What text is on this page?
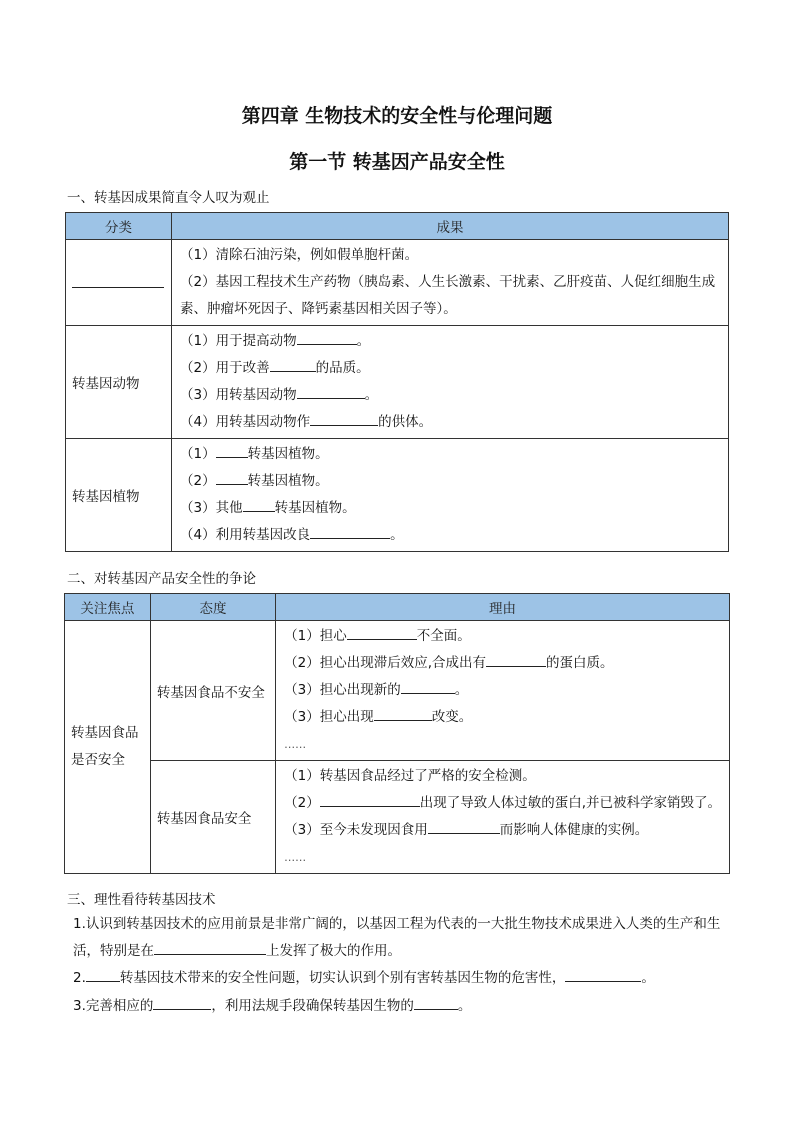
第四章 生物技术的安全性与伦理问题
第一节 转基因产品安全性
一、转基因成果简直令人叹为观止
分类	成果

	（1）清除石油污染，例如假单胞杆菌。
（2）基因工程技术生产药物（胰岛素、人生长激素、干扰素、乙肝疫苗、人促红细胞生成素、肿瘤坏死因子、降钙素基因相关因子等）。

转基因动物	（1）用于提高动物 。
（2）用于改善 的品质。
（3）用转基因动物 。
（4）用转基因动物作 的供体。

转基因植物	（1） 转基因植物。
（2） 转基因植物。
（3）其他 转基因植物。
（4）利用转基因改良 。
二、对转基因产品安全性的争论
关注焦点	态度	理由
转基因食品是否安全	转基因食品不安全	（1）担心 不全面。
（2）担心出现滞后效应,合成出有 的蛋白质。
（3）担心出现新的 。
（3）担心出现 改变。
……

	转基因食品安全	（1）转基因食品经过了严格的安全检测。
（2） 出现了导致人体过敏的蛋白,并已被科学家销毁了。
（3）至今未发现因食用 而影响人体健康的实例。
……
三、理性看待转基因技术
1.认识到转基因技术的应用前景是非常广阔的，以基因工程为代表的一大批生物技术成果进入人类的生产和生活，特别是在	上发挥了极大的作用。
2.	转基因技术带来的安全性问题，切实认识到个别有害转基因生物的危害性，	。
3.完善相应的	，利用法规手段确保转基因生物的	。
